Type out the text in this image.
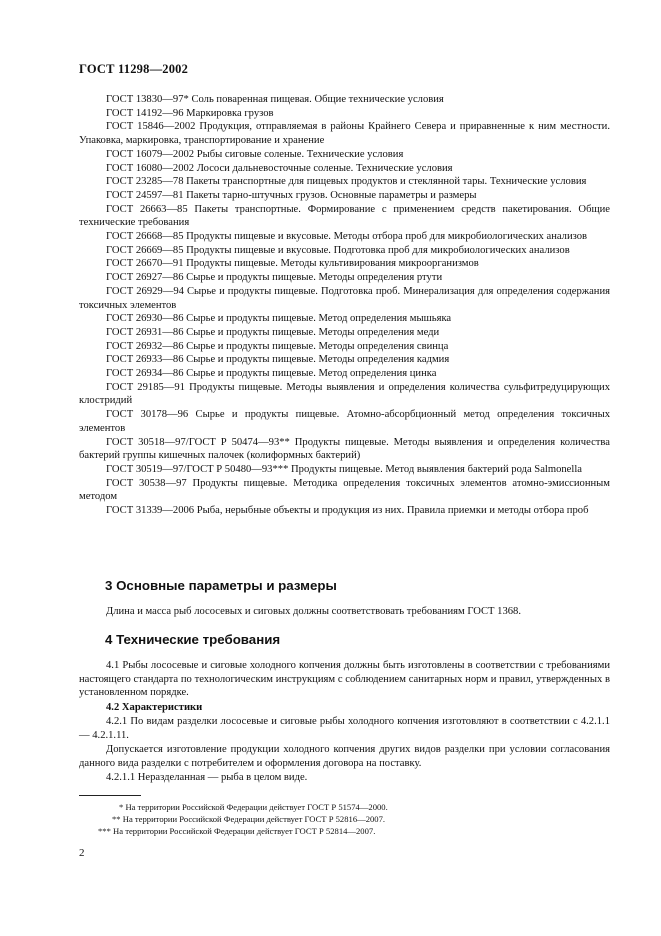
ГОСТ 11298—2002

ГОСТ 13830—97* Соль поваренная пищевая. Общие технические условия

ГОСТ 14192—96 Маркировка грузов

ГОСТ 15846—2002 Продукция, отправляемая в районы Крайнего Севера и приравненные к ним местности. Упаковка, маркировка, транспортирование и хранение

ГОСТ 16079—2002 Рыбы сиговые соленые. Технические условия

ГОСТ 16080—2002 Лососи дальневосточные соленые. Технические условия

ГОСТ 23285—78 Пакеты транспортные для пищевых продуктов и стеклянной тары. Технические условия

ГОСТ 24597—81 Пакеты тарно-штучных грузов. Основные параметры и размеры

ГОСТ 26663—85 Пакеты транспортные. Формирование с применением средств пакетирования. Общие технические требования

ГОСТ 26668—85 Продукты пищевые и вкусовые. Методы отбора проб для микробиологических анализов

ГОСТ 26669—85 Продукты пищевые и вкусовые. Подготовка проб для микробиологических анализов

ГОСТ 26670—91 Продукты пищевые. Методы культивирования микроорганизмов

ГОСТ 26927—86 Сырье и продукты пищевые. Методы определения ртути

ГОСТ 26929—94 Сырье и продукты пищевые. Подготовка проб. Минерализация для определения содержания токсичных элементов

ГОСТ 26930—86 Сырье и продукты пищевые. Метод определения мышьяка

ГОСТ 26931—86 Сырье и продукты пищевые. Методы определения меди

ГОСТ 26932—86 Сырье и продукты пищевые. Методы определения свинца

ГОСТ 26933—86 Сырье и продукты пищевые. Методы определения кадмия

ГОСТ 26934—86 Сырье и продукты пищевые. Метод определения цинка

ГОСТ 29185—91 Продукты пищевые. Методы выявления и определения количества сульфитредуцирующих клостридий

ГОСТ 30178—96 Сырье и продукты пищевые. Атомно-абсорбционный метод определения токсичных элементов

ГОСТ 30518—97/ГОСТ Р 50474—93** Продукты пищевые. Методы выявления и определения количества бактерий группы кишечных палочек (колиформных бактерий)

ГОСТ 30519—97/ГОСТ Р 50480—93*** Продукты пищевые. Метод выявления бактерий рода Salmonella

ГОСТ 30538—97 Продукты пищевые. Методика определения токсичных элементов атомно-эмиссионным методом

ГОСТ 31339—2006 Рыба, нерыбные объекты и продукция из них. Правила приемки и методы отбора проб

3 Основные параметры и размеры

Длина и масса рыб лососевых и сиговых должны соответствовать требованиям ГОСТ 1368.

4 Технические требования

4.1 Рыбы лососевые и сиговые холодного копчения должны быть изготовлены в соответствии с требованиями настоящего стандарта по технологическим инструкциям с соблюдением санитарных норм и правил, утвержденных в установленном порядке.

4.2 Характеристики

4.2.1 По видам разделки лососевые и сиговые рыбы холодного копчения изготовляют в соответствии с 4.2.1.1 — 4.2.1.11.

Допускается изготовление продукции холодного копчения других видов разделки при условии согласования данного вида разделки с потребителем и оформления договора на поставку.

4.2.1.1 Неразделанная — рыба в целом виде.

* На территории Российской Федерации действует ГОСТ Р 51574—2000.

** На территории Российской Федерации действует ГОСТ Р 52816—2007.

*** На территории Российской Федерации действует ГОСТ Р 52814—2007.

2
